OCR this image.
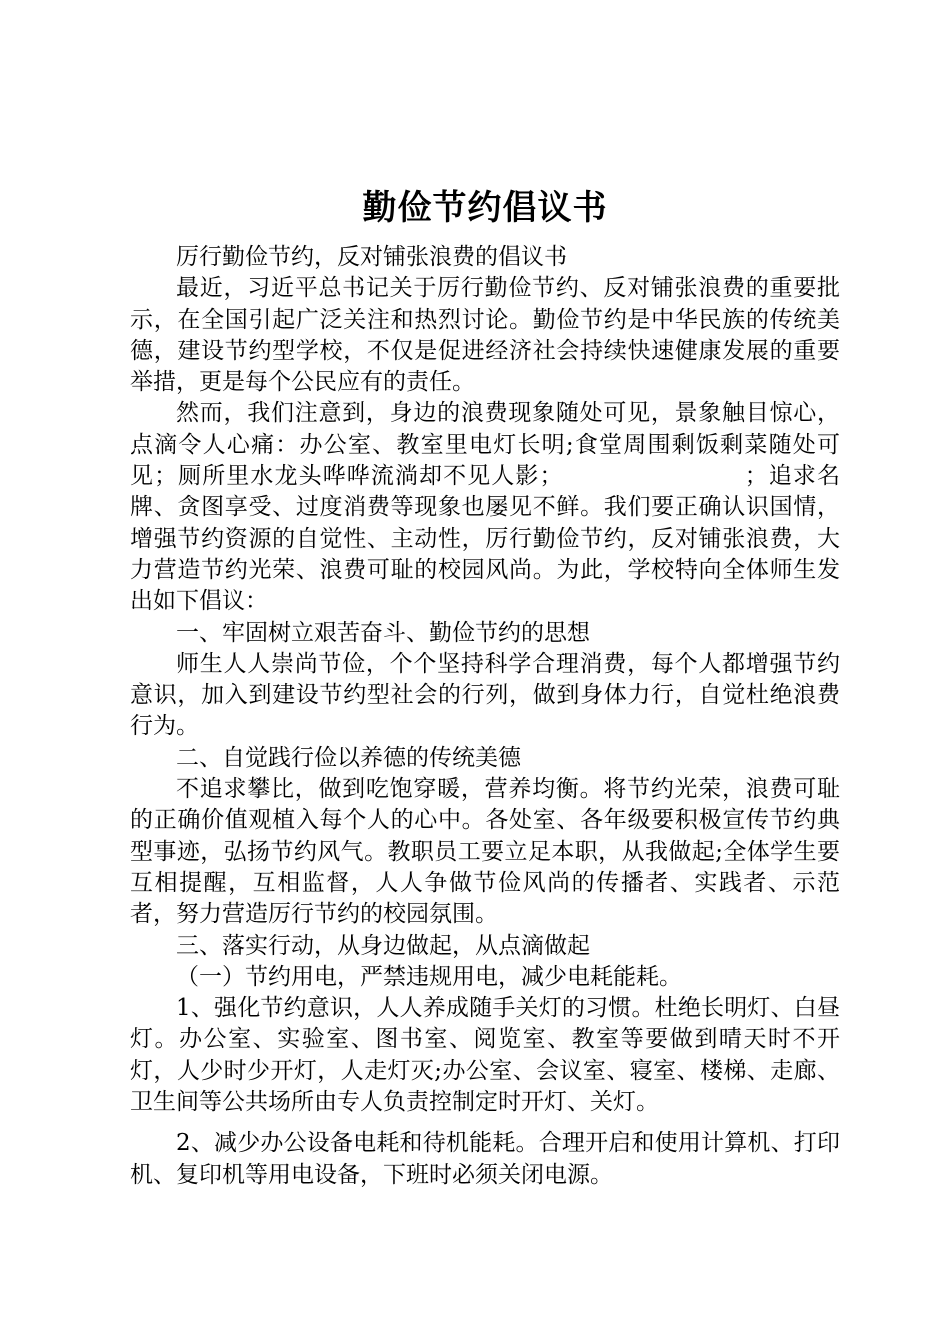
勤俭节约倡议书

厉行勤俭节约，反对铺张浪费的倡议书

最近，习近平总书记关于厉行勤俭节约、反对铺张浪费的重要批示，在全国引起广泛关注和热烈讨论。勤俭节约是中华民族的传统美德，建设节约型学校，不仅是促进经济社会持续快速健康发展的重要举措，更是每个公民应有的责任。

然而，我们注意到，身边的浪费现象随处可见，景象触目惊心，点滴令人心痛：办公室、教室里电灯长明;食堂周围剩饭剩菜随处可见；厕所里水龙头哗哗流淌却不见人影；　　　　　　　　；追求名牌、贪图享受、过度消费等现象也屡见不鲜。我们要正确认识国情，增强节约资源的自觉性、主动性，厉行勤俭节约，反对铺张浪费，大力营造节约光荣、浪费可耻的校园风尚。为此，学校特向全体师生发出如下倡议：

一、牢固树立艰苦奋斗、勤俭节约的思想

师生人人崇尚节俭，个个坚持科学合理消费，每个人都增强节约意识，加入到建设节约型社会的行列，做到身体力行，自觉杜绝浪费行为。

二、自觉践行俭以养德的传统美德

不追求攀比，做到吃饱穿暖，营养均衡。将节约光荣，浪费可耻的正确价值观植入每个人的心中。各处室、各年级要积极宣传节约典型事迹，弘扬节约风气。教职员工要立足本职，从我做起;全体学生要互相提醒，互相监督，人人争做节俭风尚的传播者、实践者、示范者，努力营造厉行节约的校园氛围。

三、落实行动，从身边做起，从点滴做起

（一）节约用电，严禁违规用电，减少电耗能耗。

1、强化节约意识，人人养成随手关灯的习惯。杜绝长明灯、白昼灯。办公室、实验室、图书室、阅览室、教室等要做到晴天时不开灯，人少时少开灯，人走灯灭;办公室、会议室、寝室、楼梯、走廊、卫生间等公共场所由专人负责控制定时开灯、关灯。

2、减少办公设备电耗和待机能耗。合理开启和使用计算机、打印机、复印机等用电设备，下班时必须关闭电源。
